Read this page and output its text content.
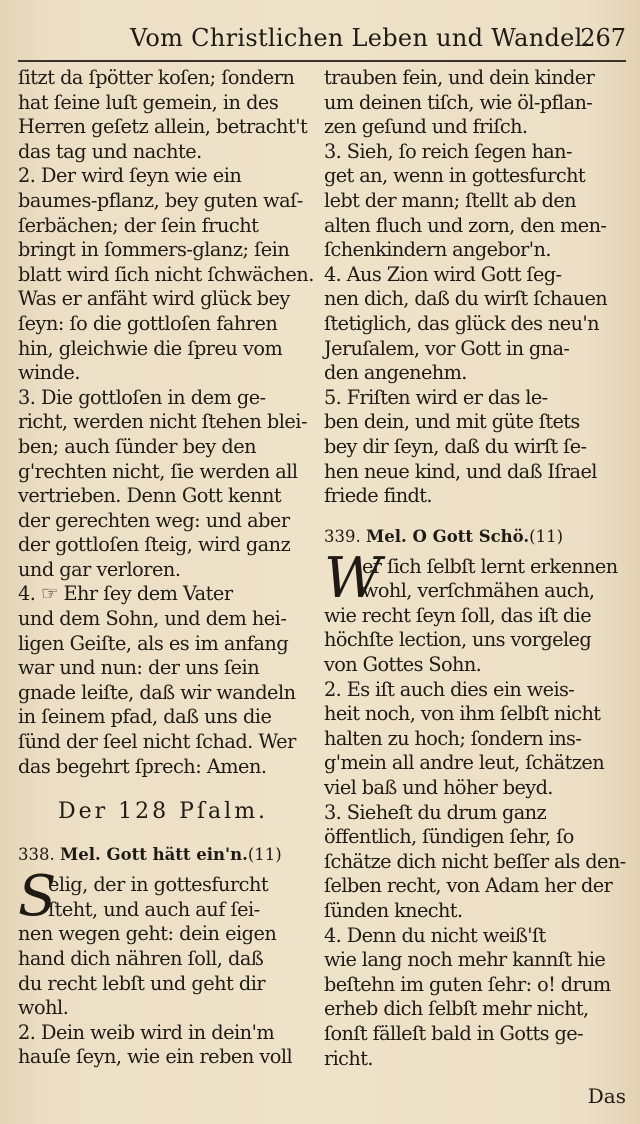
Vom Christlichen Leben und Wandel.
267
ſitzt da ſpötter koſen; ſondern
hat ſeine luſt gemein, in des
Herren geſetz allein, betracht't
das tag und nachte.
2. Der wird ſeyn wie ein
baumes-pflanz, bey guten waſ-
ſerbächen; der ſein frucht
bringt in ſommers-glanz; ſein
blatt wird ſich nicht ſchwächen.
Was er anfäht wird glück bey
ſeyn: ſo die gottloſen fahren
hin, gleichwie die ſpreu vom
winde.
3. Die gottloſen in dem ge-
richt, werden nicht ſtehen blei-
ben; auch ſünder bey den
g'rechten nicht, ſie werden all
vertrieben. Denn Gott kennt
der gerechten weg: und aber
der gottloſen ſteig, wird ganz
und gar verloren.
4. ☞ Ehr ſey dem Vater
und dem Sohn, und dem hei-
ligen Geiſte, als es im anfang
war und nun: der uns ſein
gnade leiſte, daß wir wandeln
in ſeinem pfad, daß uns die
ſünd der ſeel nicht ſchad. Wer
das begehrt ſprech: Amen.
Der 128 Pſalm.
338. Mel. Gott hätt ein'n.(11)
S
elig, der in gottesfurcht
ſteht, und auch auf ſei-
nen wegen geht: dein eigen
hand dich nähren ſoll, daß
du recht lebſt und geht dir
wohl.
2. Dein weib wird in dein'm
hauſe ſeyn, wie ein reben voll
trauben fein, und dein kinder
um deinen tiſch, wie öl-pflan-
zen geſund und friſch.
3. Sieh, ſo reich ſegen han-
get an, wenn in gottesfurcht
lebt der mann; ſtellt ab den
alten fluch und zorn, den men-
ſchenkindern angebor'n.
4. Aus Zion wird Gott ſeg-
nen dich, daß du wirſt ſchauen
ſtetiglich, das glück des neu'n
Jeruſalem, vor Gott in gna-
den angenehm.
5. Friſten wird er das le-
ben dein, und mit güte ſtets
bey dir ſeyn, daß du wirſt ſe-
hen neue kind, und daß Iſrael
friede findt.
339. Mel. O Gott Schö.(11)
W
er ſich ſelbſt lernt erkennen
wohl, verſchmähen auch,
wie recht ſeyn ſoll, das iſt die
höchſte lection, uns vorgeleg
von Gottes Sohn.
2. Es iſt auch dies ein weis-
heit noch, von ihm ſelbſt nicht
halten zu hoch; ſondern ins-
g'mein all andre leut, ſchätzen
viel baß und höher beyd.
3. Sieheſt du drum ganz
öffentlich, ſündigen ſehr, ſo
ſchätze dich nicht beſſer als den-
ſelben recht, von Adam her der
ſünden knecht.
4. Denn du nicht weiß'ſt
wie lang noch mehr kannſt hie
beſtehn im guten ſehr: o! drum
erheb dich ſelbſt mehr nicht,
ſonſt fälleſt bald in Gotts ge-
richt.
Das
